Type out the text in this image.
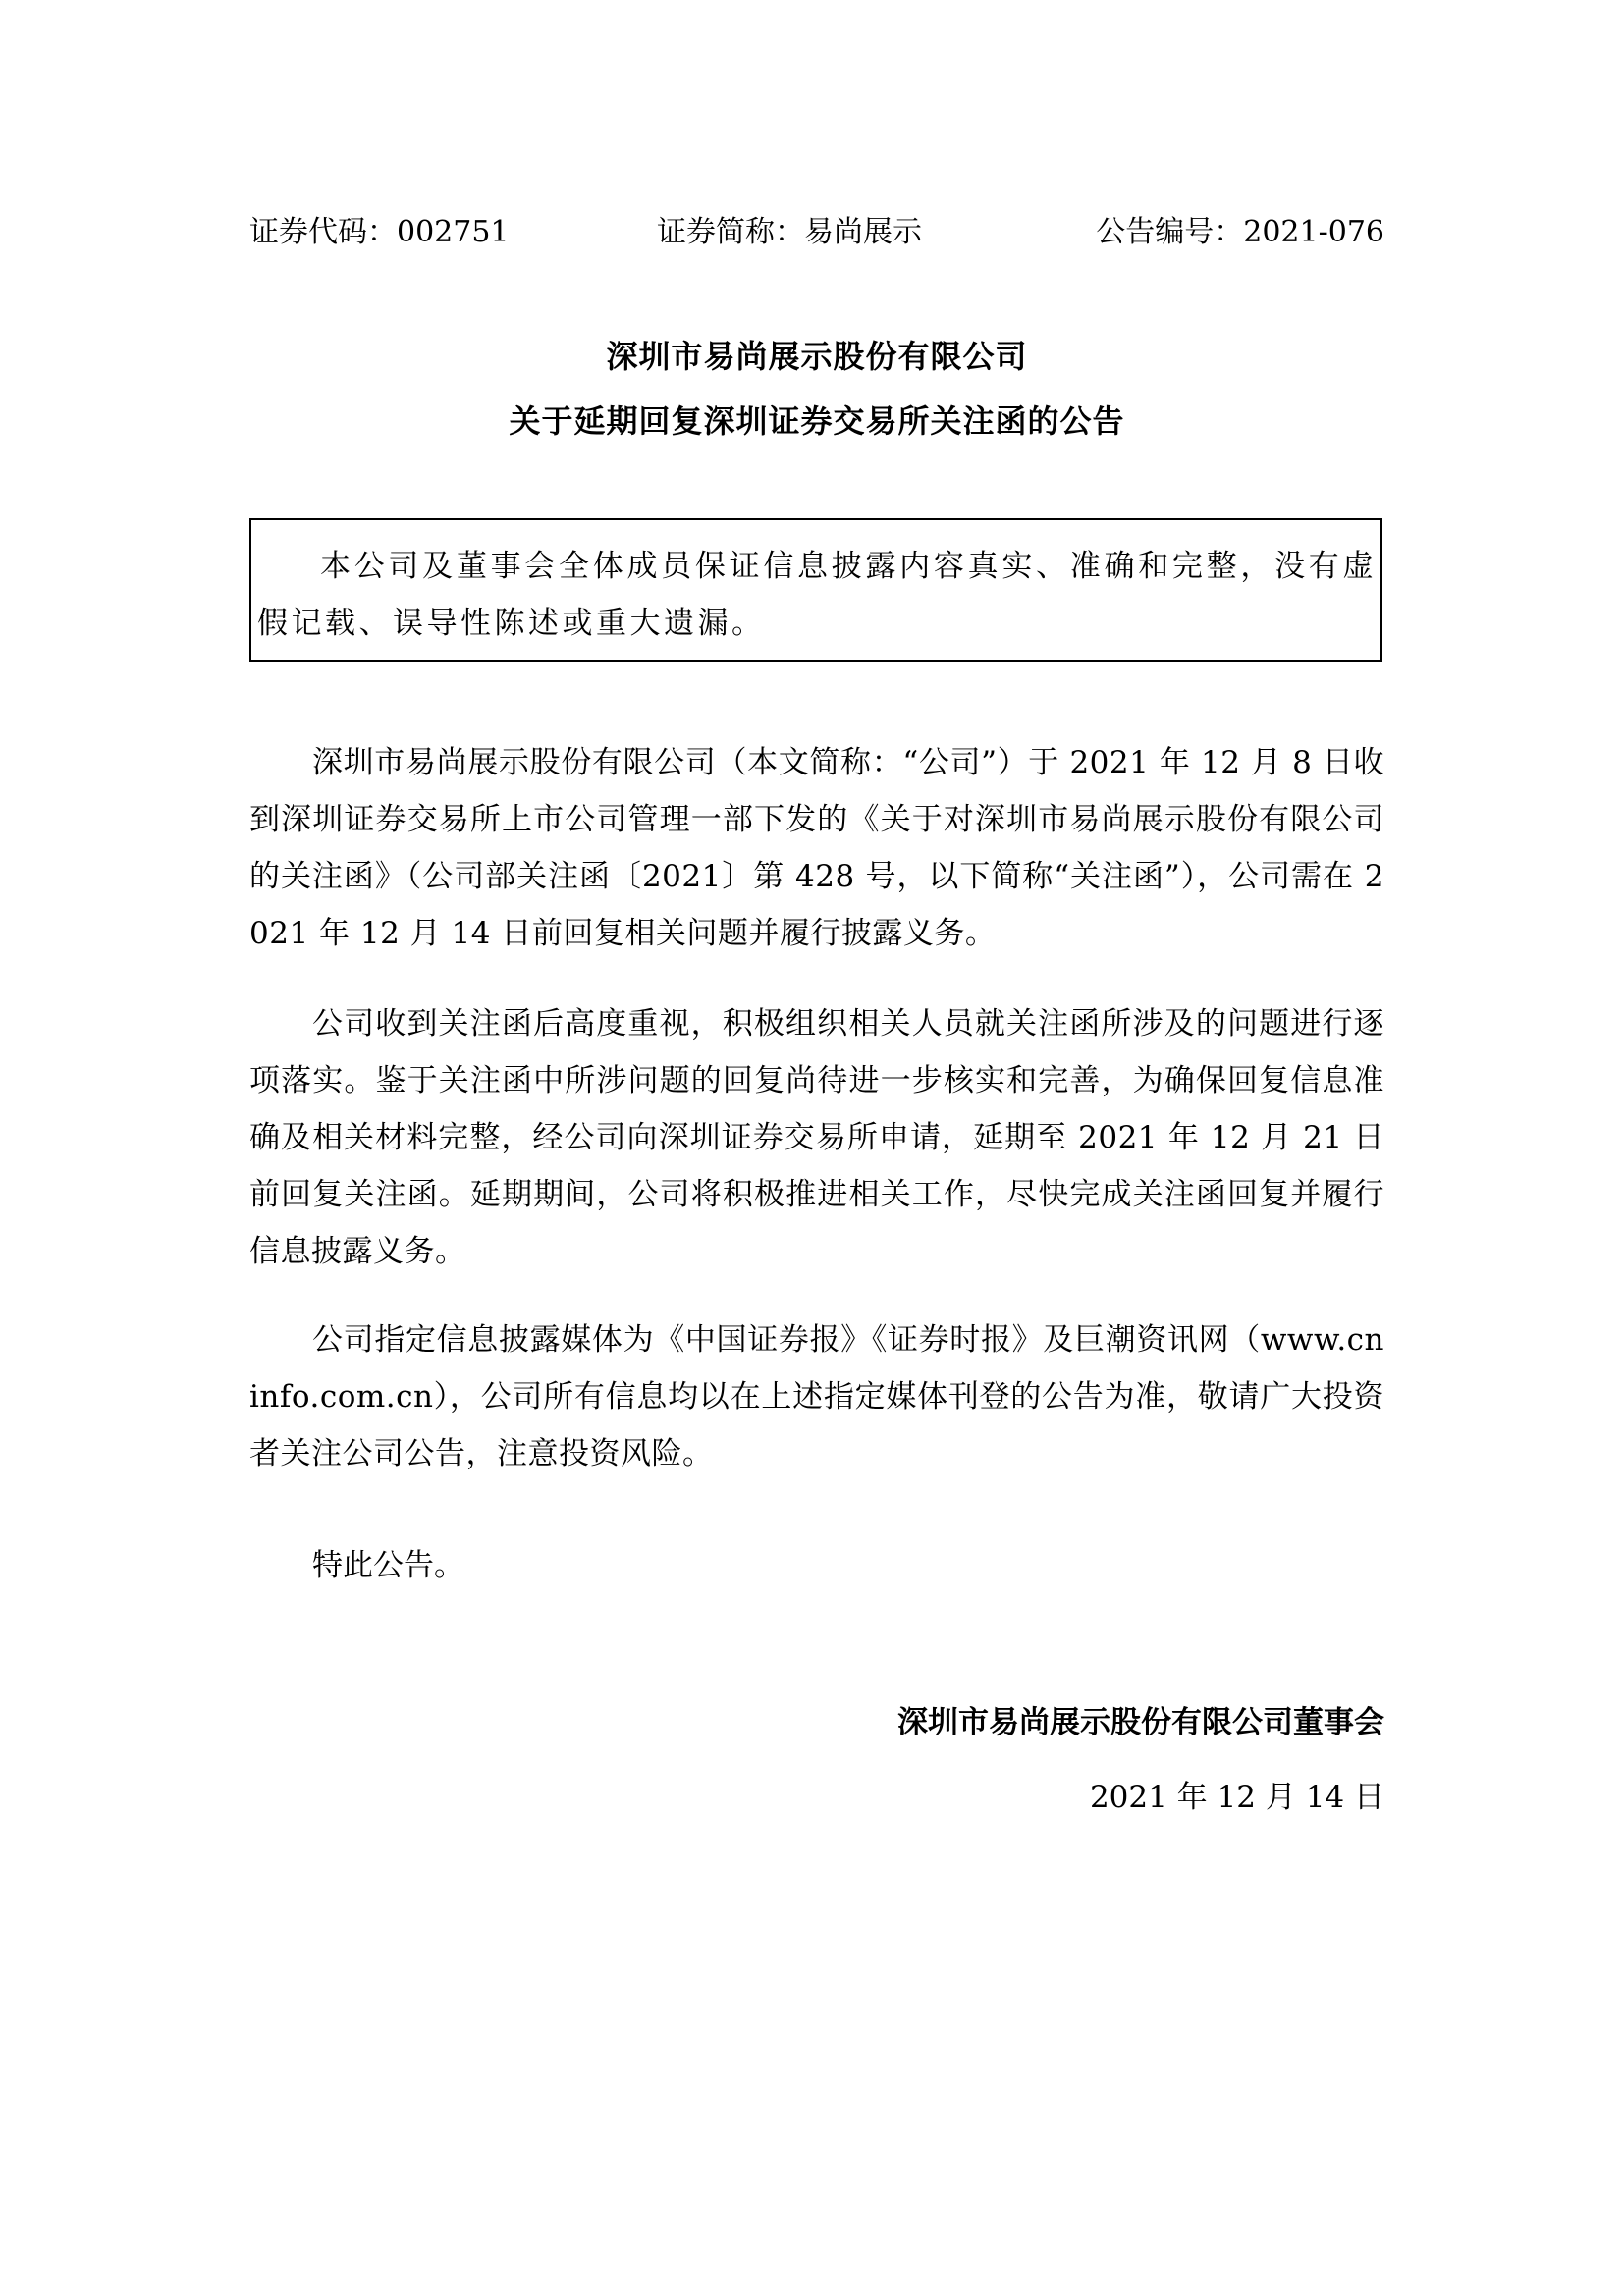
证券代码：002751	证券简称：易尚展示	公告编号：2021-076
深圳市易尚展示股份有限公司
关于延期回复深圳证券交易所关注函的公告
本公司及董事会全体成员保证信息披露内容真实、准确和完整，没有虚假记载、误导性陈述或重大遗漏。
深圳市易尚展示股份有限公司（本文简称：“公司”）于 2021 年 12 月 8 日收到深圳证券交易所上市公司管理一部下发的《关于对深圳市易尚展示股份有限公司的关注函》（公司部关注函〔2021〕第 428 号，以下简称“关注函”），公司需在 2021 年 12 月 14 日前回复相关问题并履行披露义务。
公司收到关注函后高度重视，积极组织相关人员就关注函所涉及的问题进行逐项落实。鉴于关注函中所涉问题的回复尚待进一步核实和完善，为确保回复信息准确及相关材料完整，经公司向深圳证券交易所申请，延期至 2021 年 12 月 21 日前回复关注函。延期期间，公司将积极推进相关工作，尽快完成关注函回复并履行信息披露义务。
公司指定信息披露媒体为《中国证券报》《证券时报》及巨潮资讯网（www.cninfo.com.cn），公司所有信息均以在上述指定媒体刊登的公告为准，敬请广大投资者关注公司公告，注意投资风险。
特此公告。
深圳市易尚展示股份有限公司董事会
2021 年 12 月 14 日
